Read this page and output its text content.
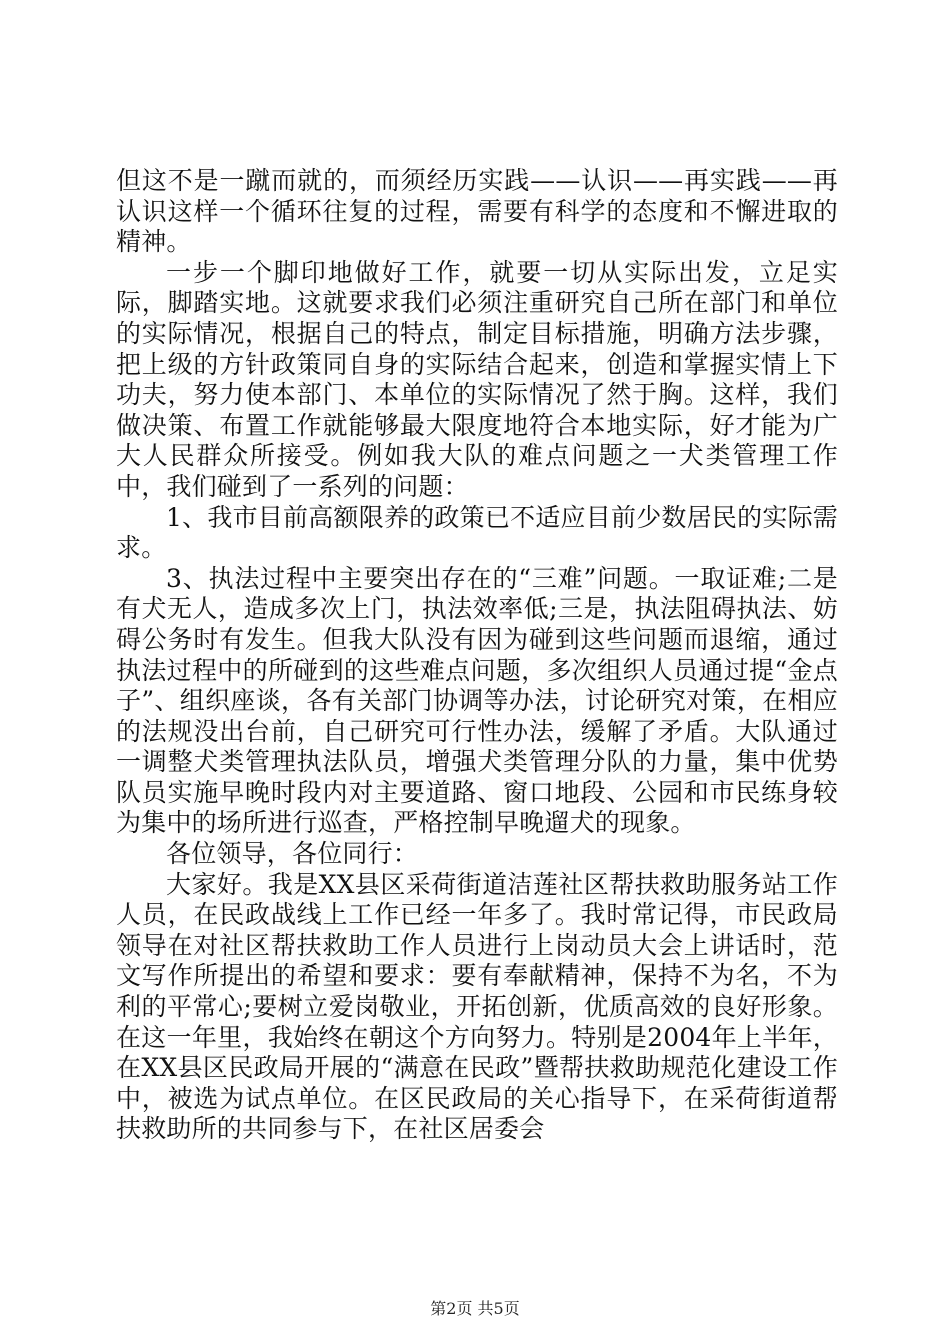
但这不是一蹴而就的，而须经历实践——认识——再实践——再认识这样一个循环往复的过程，需要有科学的态度和不懈进取的精神。

一步一个脚印地做好工作，就要一切从实际出发，立足实际，脚踏实地。这就要求我们必须注重研究自己所在部门和单位的实际情况，根据自己的特点，制定目标措施，明确方法步骤，把上级的方针政策同自身的实际结合起来，创造和掌握实情上下功夫，努力使本部门、本单位的实际情况了然于胸。这样，我们做决策、布置工作就能够最大限度地符合本地实际，好才能为广大人民群众所接受。例如我大队的难点问题之一犬类管理工作中，我们碰到了一系列的问题：

1、我市目前高额限养的政策已不适应目前少数居民的实际需求。

3、执法过程中主要突出存在的“三难”问题。一取证难;二是有犬无人，造成多次上门，执法效率低;三是，执法阻碍执法、妨碍公务时有发生。但我大队没有因为碰到这些问题而退缩，通过执法过程中的所碰到的这些难点问题，多次组织人员通过提“金点子”、组织座谈，各有关部门协调等办法，讨论研究对策，在相应的法规没出台前，自己研究可行性办法，缓解了矛盾。大队通过一调整犬类管理执法队员，增强犬类管理分队的力量，集中优势队员实施早晚时段内对主要道路、窗口地段、公园和市民练身较为集中的场所进行巡查，严格控制早晚遛犬的现象。

各位领导，各位同行：

大家好。我是XX县区采荷街道洁莲社区帮扶救助服务站工作人员，在民政战线上工作已经一年多了。我时常记得，市民政局领导在对社区帮扶救助工作人员进行上岗动员大会上讲话时，范文写作所提出的希望和要求：要有奉献精神，保持不为名，不为利的平常心;要树立爱岗敬业，开拓创新，优质高效的良好形象。在这一年里，我始终在朝这个方向努力。特别是2004年上半年，在XX县区民政局开展的“满意在民政”暨帮扶救助规范化建设工作中，被选为试点单位。在区民政局的关心指导下，在采荷街道帮扶救助所的共同参与下，在社区居委会

第2页 共5页
